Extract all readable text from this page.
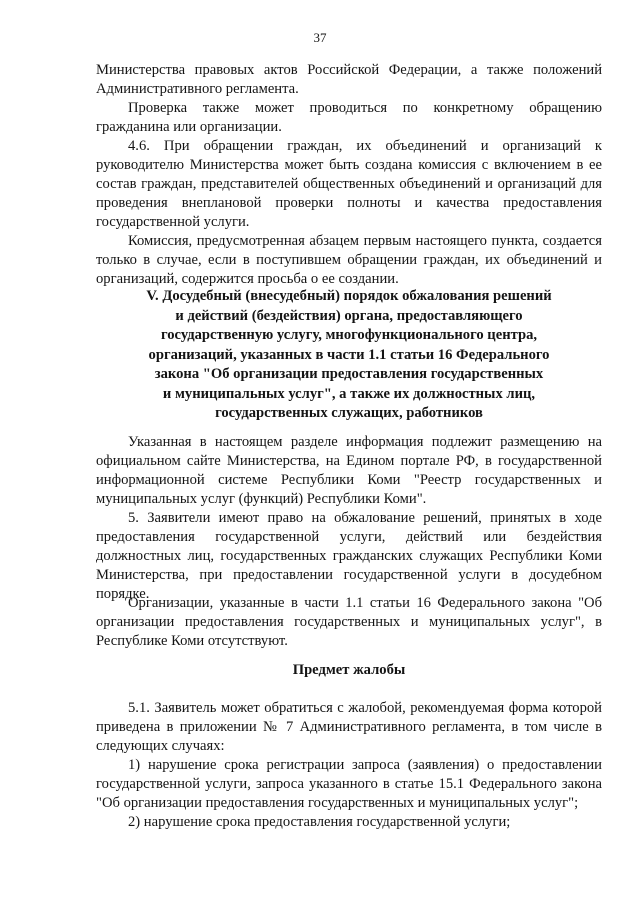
37

Министерства правовых актов Российской Федерации, а также положений Административного регламента.

Проверка также может проводиться по конкретному обращению гражданина или организации.

4.6. При обращении граждан, их объединений и организаций к руководителю Министерства может быть создана комиссия с включением в ее состав граждан, представителей общественных объединений и организаций для проведения внеплановой проверки полноты и качества предоставления государственной услуги.

Комиссия, предусмотренная абзацем первым настоящего пункта, создается только в случае, если в поступившем обращении граждан, их объединений и организаций, содержится просьба о ее создании.

V. Досудебный (внесудебный) порядок обжалования решений
и действий (бездействия) органа, предоставляющего
государственную услугу, многофункционального центра,
организаций, указанных в части 1.1 статьи 16 Федерального
закона "Об организации предоставления государственных
и муниципальных услуг", а также их должностных лиц,
государственных служащих, работников

Указанная в настоящем разделе информация подлежит размещению на официальном сайте Министерства, на Едином портале РФ, в государственной информационной системе Республики Коми "Реестр государственных и муниципальных услуг (функций) Республики Коми".

5. Заявители имеют право на обжалование решений, принятых в ходе предоставления государственной услуги, действий или бездействия должностных лиц, государственных гражданских служащих Республики Коми Министерства, при предоставлении государственной услуги в досудебном порядке.

Организации, указанные в части 1.1 статьи 16 Федерального закона "Об организации предоставления государственных и муниципальных услуг", в Республике Коми отсутствуют.

Предмет жалобы

5.1. Заявитель может обратиться с жалобой, рекомендуемая форма которой приведена в приложении № 7 Административного регламента, в том числе в следующих случаях:

1) нарушение срока регистрации запроса (заявления) о предоставлении государственной услуги, запроса указанного в статье 15.1 Федерального закона "Об организации предоставления государственных и муниципальных услуг";

2) нарушение срока предоставления государственной услуги;
